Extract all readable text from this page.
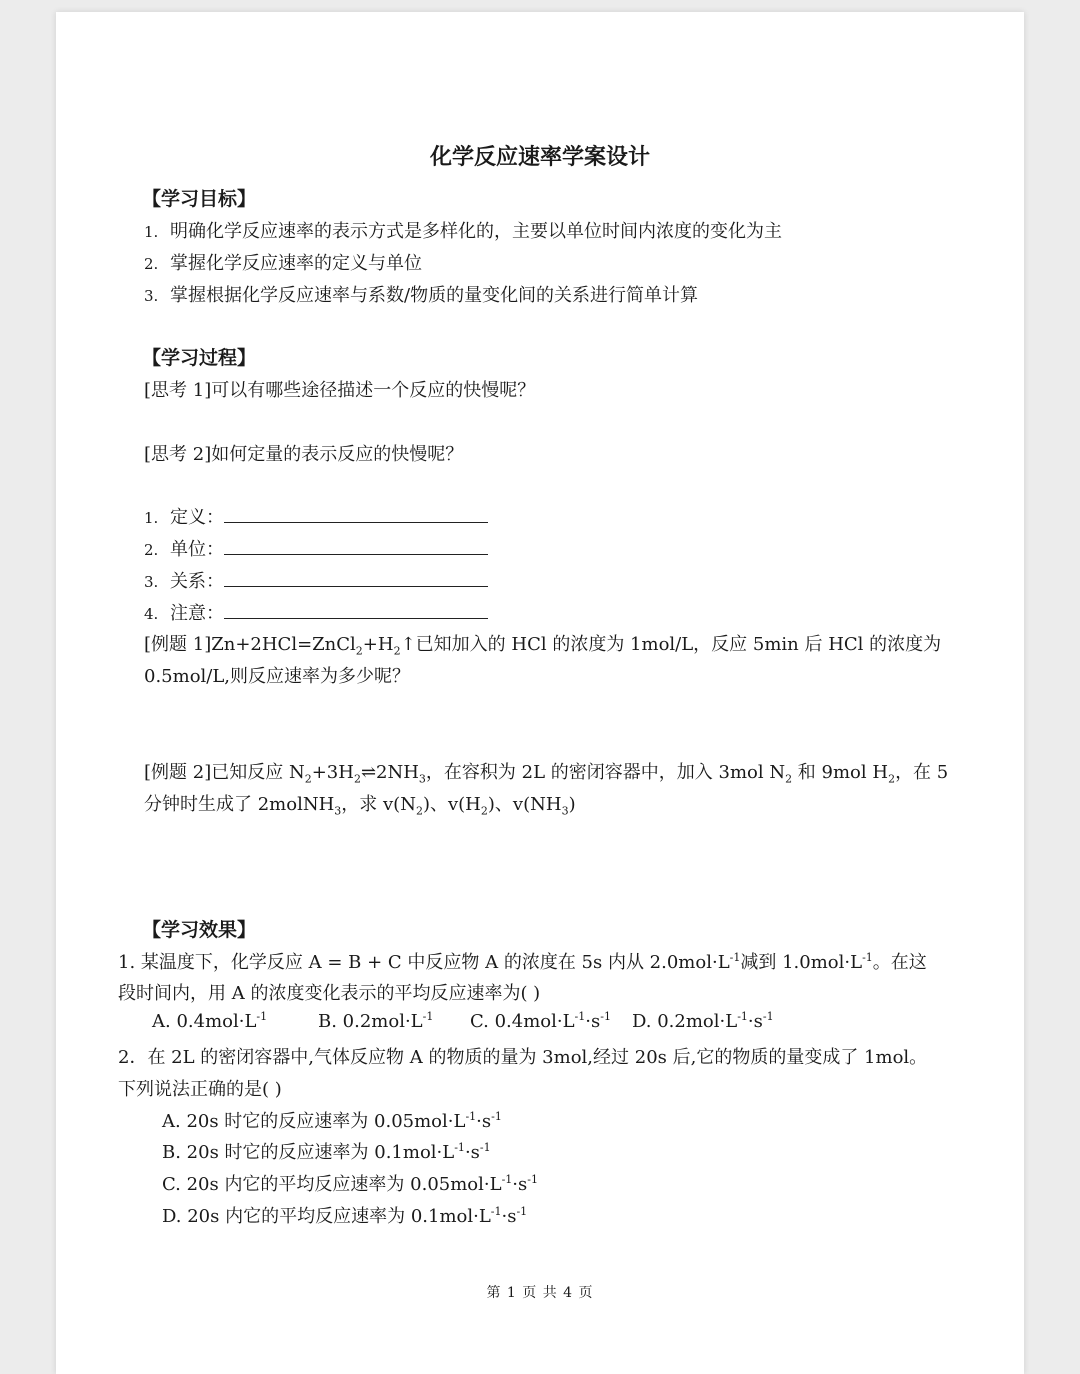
化学反应速率学案设计
【学习目标】
1. 明确化学反应速率的表示方式是多样化的，主要以单位时间内浓度的变化为主
2. 掌握化学反应速率的定义与单位
3. 掌握根据化学反应速率与系数/物质的量变化间的关系进行简单计算
【学习过程】
[思考 1]可以有哪些途径描述一个反应的快慢呢？
[思考 2]如何定量的表示反应的快慢呢？
1. 定义：
2. 单位：
3. 关系：
4. 注意：
[例题 $1]Zn+2HCl=ZnCl_2+H_2↑$已知加入的 HCl 的浓度为 1mol/L，反应 5min 后 HCl 的浓度为
0.5mol/L,则反应速率为多少呢？
[例题 2]已知反应 $N_2+3H_2\rightleftharpoons 2NH_3$，在容积为 2L 的密闭容器中，加入 3mol $N_2$ 和 9mol $H_2$，在 5
分钟时生成了 2molNH$_3$，求 $v(N_2)$、$v(H_2)$、$v(NH_3)$
【学习效果】
1. 某温度下，化学反应 A = B + C 中反应物 A 的浓度在 5s 内从 $2.0mol\cdot L^{-1}$减到 $1.0mol\cdot L^{-1}$。在这
段时间内，用 A 的浓度变化表示的平均反应速率为( )
A. $0.4mol\cdot L^{-1}$	B. $0.2mol\cdot L^{-1}$ C. $0.4mol\cdot L^{-1}\cdot s^{-1}$ D. $0.2mol\cdot L^{-1}\cdot s^{-1}$
2．在 2L 的密闭容器中,气体反应物 A 的物质的量为 3mol,经过 20s 后,它的物质的量变成了 1mol。
下列说法正确的是( )
A. 20s 时它的反应速率为 $0.05mol\cdot L^{-1}\cdot s^{-1}$
B. 20s 时它的反应速率为 $0.1mol\cdot L^{-1}\cdot s^{-1}$
C. 20s 内它的平均反应速率为 $0.05mol\cdot L^{-1}\cdot s^{-1}$
D. 20s 内它的平均反应速率为 $0.1mol\cdot L^{-1}\cdot s^{-1}$
第 1 页 共 4 页
